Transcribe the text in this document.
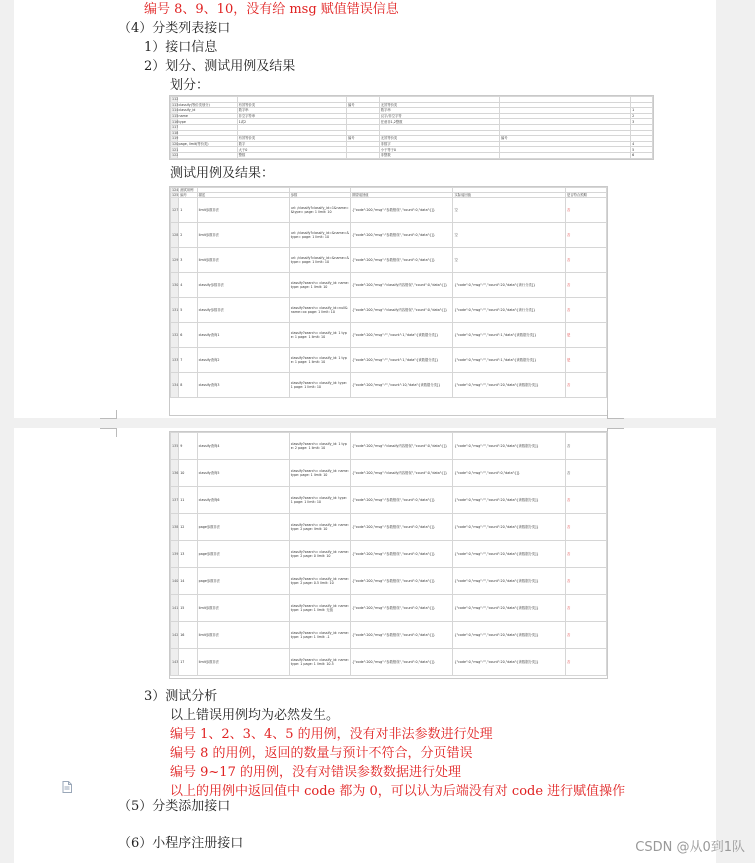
编号 8、9、10，没有给 msg 赋值错误信息
（4）分类列表接口
1）接口信息
2）划分、测试用例及结果
划分：
112						
113	classify(等价类划分)	有效等价类	编号	无效等价类		
114	classify_id	数字串		数字串		1
115	name	非空字符串		汉字/非空字符		2
116	type	1或2		任意非1,2整数		3
117						
118						
119		有效等价类	编号	无效等价类	编号	
120	page, limit(等价类)	数字		非数字		4
121		大于0		小于等于0		5
122		整数		非整数		6
测试用例及结果：
124	测试用例					
125	编号	描述	参数	期望返回值	实际返回值	是否符合预期
127	1	limit参数非法	url: /classify?classify_id=1&name=&type= page: 1 limit: 10	{"code":200,"msg":"参数错误","count":0,"data":[]}	空	否
128	2	limit参数非法	url: /classify?classify_id=&name=&type= page: 1 limit: 10	{"code":200,"msg":"参数错误","count":0,"data":[]}	空	否
129	3	limit参数非法	url: /classify?classify_id=&name=&type= page: 1 limit: 10	{"code":200,"msg":"参数错误","count":0,"data":[]}	空	否
130	4	classify参数非法	classify?search= classify_id: name: type: page: 1 limit: 10	{"code":200,"msg":"classify内容错误","count":0,"data":[]}	{"code":0,"msg":"","count":20,"data":[该行分类]}	否
131	5	classify参数非法	classify?search= classify_id=null&name=xx page: 1 limit: 10	{"code":200,"msg":"classify内容错误","count":0,"data":[]}	{"code":0,"msg":"","count":20,"data":[该行分类]}	否
132	6	classify查询1	classify?search= classify_id: 1 type: 1 page: 1 limit: 10	{"code":200,"msg":"","count":1,"data":[该数据分类]}	{"code":0,"msg":"","count":1,"data":[该数据分类]}	是
133	7	classify查询2	classify?search= classify_id: 1 type: 1 page: 1 limit: 10	{"code":200,"msg":"","count":1,"data":[该数据分类]}	{"code":0,"msg":"","count":1,"data":[该数据分类]}	是
134	8	classify查询3	classify?search= classify_id: type: 1 page: 1 limit: 10	{"code":200,"msg":"","count":10,"data":[该数据分类]}	{"code":0,"msg":"","count":20,"data":[该数据分类]}	否
135	9	classify查询4	classify?search= classify_id: 1 type: 2 page: 1 limit: 10	{"code":200,"msg":"classify内容错误","count":0,"data":[]}	{"code":0,"msg":"","count":20,"data":[该数据分类]}	否
136	10	classify查询5	classify?search= classify_id: name: type: page: 1 limit: 10	{"code":200,"msg":"classify内容错误","count":0,"data":[]}	{"code":0,"msg":"","count":0,"data":[]}	否
137	11	classify查询6	classify?search= classify_id: type: 1 page: 1 limit: 10	{"code":200,"msg":"参数错误","count":0,"data":[]}	{"code":0,"msg":"","count":20,"data":[该数据分类]}	否
138	12	page参数非法	classify?search= classify_id: name: type: 2 page: limit: 10	{"code":200,"msg":"参数错误","count":0,"data":[]}	{"code":0,"msg":"","count":20,"data":[该数据分类]}	否
139	13	page参数非法	classify?search= classify_id: name: type: 2 page: 0 limit: 10	{"code":200,"msg":"参数错误","count":0,"data":[]}	{"code":0,"msg":"","count":20,"data":[该数据分类]}	否
140	14	page参数非法	classify?search= classify_id: name: type: 2 page: 0.5 limit: 10	{"code":200,"msg":"参数错误","count":0,"data":[]}	{"code":0,"msg":"","count":20,"data":[该数据分类]}	否
141	15	limit参数非法	classify?search= classify_id: name: type: 1 page: 1 limit: 无值	{"code":200,"msg":"参数错误","count":0,"data":[]}	{"code":0,"msg":"","count":20,"data":[该数据分类]}	否
142	16	limit参数非法	classify?search= classify_id: name: type: 1 page: 1 limit: -1	{"code":200,"msg":"参数错误","count":0,"data":[]}	{"code":0,"msg":"","count":20,"data":[该数据分类]}	否
143	17	limit参数非法	classify?search= classify_id: name: type: 1 page: 1 limit: 10.5	{"code":200,"msg":"参数错误","count":0,"data":[]}	{"code":0,"msg":"","count":20,"data":[该数据分类]}	否
3）测试分析
以上错误用例均为必然发生。
编号 1、2、3、4、5 的用例，没有对非法参数进行处理
编号 8 的用例，返回的数量与预计不符合，分页错误
编号 9~17 的用例，没有对错误参数数据进行处理
以上的用例中返回值中 code 都为 0，可以认为后端没有对 code 进行赋值操作
（5）分类添加接口
（6）小程序注册接口	CSDN @从0到1队
